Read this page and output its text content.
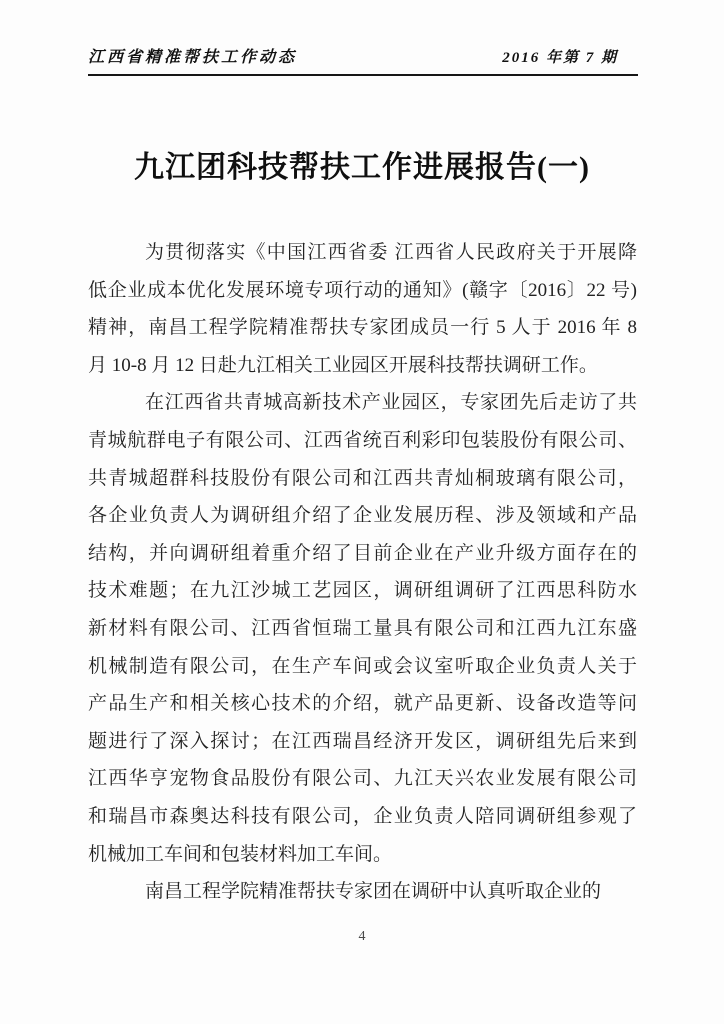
江西省精准帮扶工作动态	2016 年第 7 期
九江团科技帮扶工作进展报告(一)
为贯彻落实《中国江西省委 江西省人民政府关于开展降
低企业成本优化发展环境专项行动的通知》(赣字〔2016〕22 号)
精神，南昌工程学院精准帮扶专家团成员一行 5 人于 2016 年 8
月 10-8 月 12 日赴九江相关工业园区开展科技帮扶调研工作。
在江西省共青城高新技术产业园区，专家团先后走访了共
青城航群电子有限公司、江西省统百利彩印包装股份有限公司、
共青城超群科技股份有限公司和江西共青灿桐玻璃有限公司，
各企业负责人为调研组介绍了企业发展历程、涉及领域和产品
结构，并向调研组着重介绍了目前企业在产业升级方面存在的
技术难题；在九江沙城工艺园区，调研组调研了江西思科防水
新材料有限公司、江西省恒瑞工量具有限公司和江西九江东盛
机械制造有限公司，在生产车间或会议室听取企业负责人关于
产品生产和相关核心技术的介绍，就产品更新、设备改造等问
题进行了深入探讨；在江西瑞昌经济开发区，调研组先后来到
江西华亨宠物食品股份有限公司、九江天兴农业发展有限公司
和瑞昌市森奥达科技有限公司，企业负责人陪同调研组参观了
机械加工车间和包装材料加工车间。
南昌工程学院精准帮扶专家团在调研中认真听取企业的
4
